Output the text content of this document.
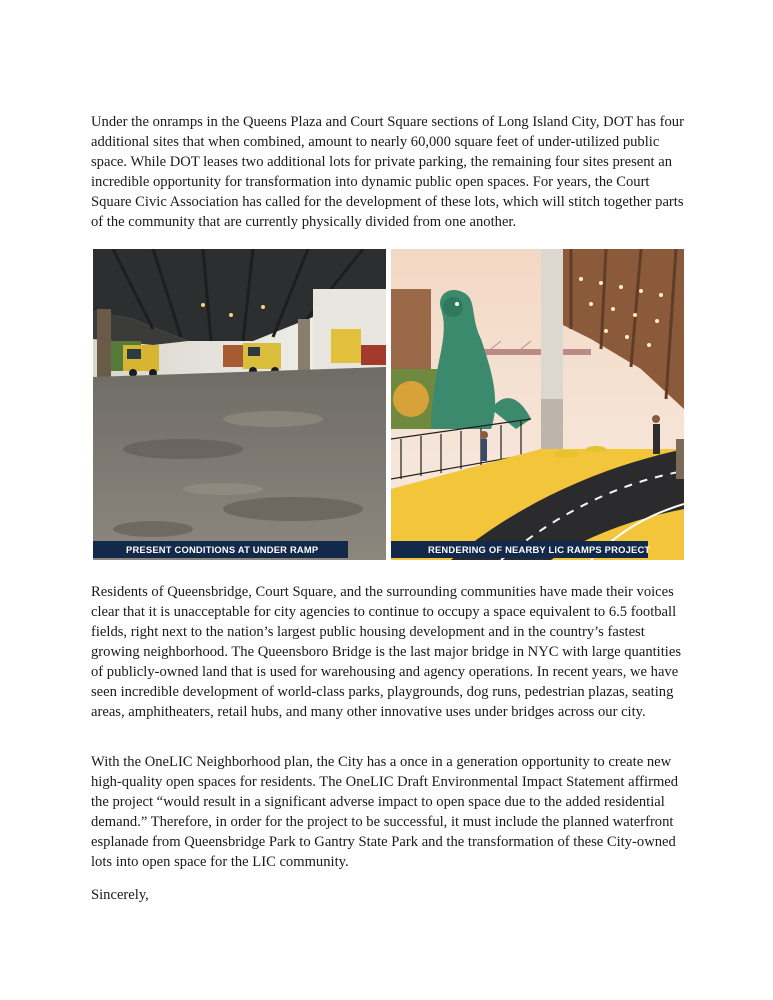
Under the onramps in the Queens Plaza and Court Square sections of Long Island City, DOT has four additional sites that when combined, amount to nearly 60,000 square feet of under-utilized public space. While DOT leases two additional lots for private parking, the remaining four sites present an incredible opportunity for transformation into dynamic public open spaces. For years, the Court Square Civic Association has called for the development of these lots, which will stitch together parts of the community that are currently physically divided from one another.

PRESENT CONDITIONS AT UNDER RAMP	RENDERING OF NEARBY LIC RAMPS PROJECT

Residents of Queensbridge, Court Square, and the surrounding communities have made their voices clear that it is unacceptable for city agencies to continue to occupy a space equivalent to 6.5 football fields, right next to the nation’s largest public housing development and in the country’s fastest growing neighborhood. The Queensboro Bridge is the last major bridge in NYC with large quantities of publicly-owned land that is used for warehousing and agency operations. In recent years, we have seen incredible development of world-class parks, playgrounds, dog runs, pedestrian plazas, seating areas, amphitheaters, retail hubs, and many other innovative uses under bridges across our city.

With the OneLIC Neighborhood plan, the City has a once in a generation opportunity to create new high-quality open spaces for residents. The OneLIC Draft Environmental Impact Statement affirmed the project “would result in a significant adverse impact to open space due to the added residential demand.” Therefore, in order for the project to be successful, it must include the planned waterfront esplanade from Queensbridge Park to Gantry State Park and the transformation of these City-owned lots into open space for the LIC community.

Sincerely,
